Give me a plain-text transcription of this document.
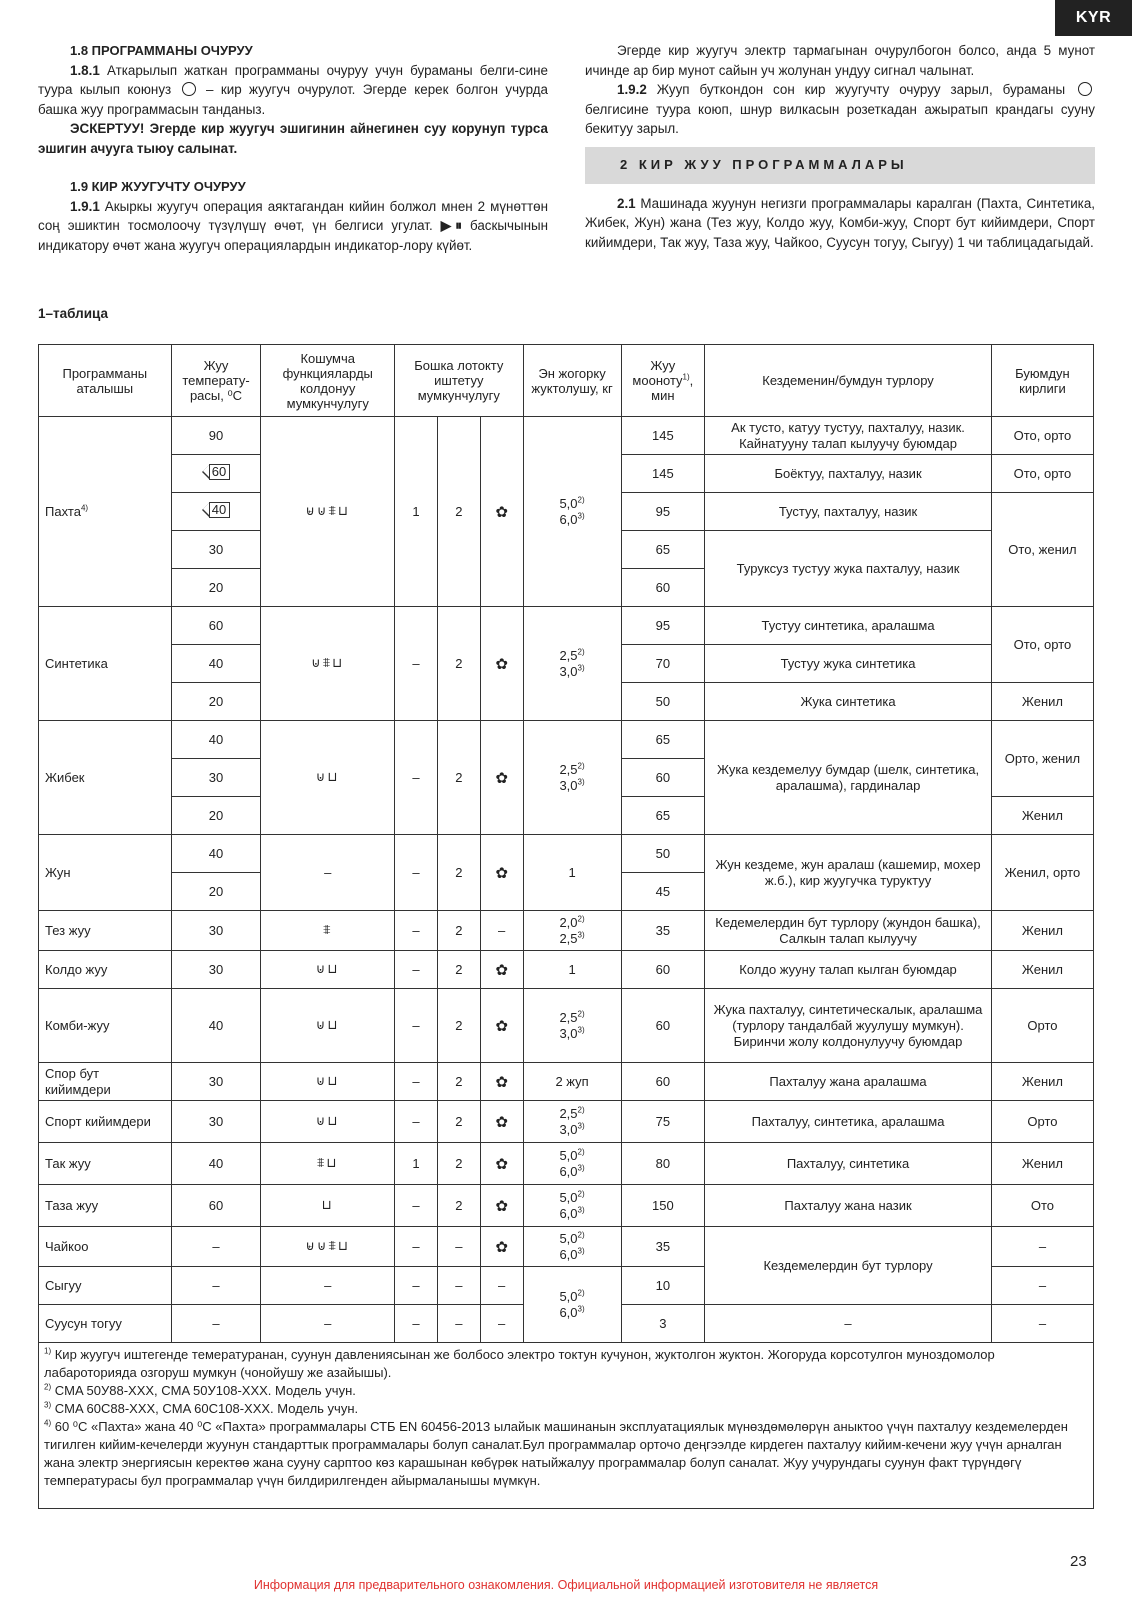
KYR

1.8 ПРОГРАММАНЫ ОЧУРУУ

1.8.1 Аткарылып жаткан программаны очуруу учун бураманы белги-сине туура кылып коюнуз  – кир жуугуч очурулот. Эгерде керек болгон учурда башка жуу программасын танданыз.

ЭСКЕРТУУ! Эгерде кир жуугуч эшигинин айнегинен суу корунуп турса эшигин ачууга тыюу салынат.

1.9 КИР ЖУУГУЧТУ ОЧУРУУ

1.9.1 Акыркы жуугуч операция аяктагандан кийин болжол мнен 2 мүнөттөн соң эшиктин тосмолоочу түзүлүшү өчөт, үн белгиси угулат. ▶⏸ баскычынын индикатору өчөт жана жуугуч операциялардын индикатор-лору күйөт.

Эгерде кир жуугуч электр тармагынан очурулбогон болсо, анда 5 мунот ичинде ар бир мунот сайын уч жолунан ундуу сигнал чалынат.

1.9.2 Жууп буткондон сон кир жуугучту очуруу зарыл, бураманы  белгисине туура коюп, шнур вилкасын розеткадан ажыратып крандагы сууну бекитуу зарыл.

2 КИР ЖУУ ПРОГРАММАЛАРЫ

2.1 Машинада жуунун негизги программалары каралган (Пахта, Синтетика, Жибек, Жун) жана (Тез жуу, Колдо жуу, Комби-жуу, Спорт бут кийимдери, Спорт кийимдери, Так жуу, Таза жуу, Чайкоо, Суусун тогуу, Сыгуу) 1 чи таблицадагыдай.

1–таблица
Программаны аталышы	Жуу температу-расы, ⁰С	Кошумча функцияларды колдонуу мумкунчулугу	Бошка лотокту иштетуу мумкунчулугу			Эн жогорку жуктолушу, кг	Жуу мооноту$^{1)}$, мин	Кездеменин/бумдун турлору	Буюмдун кирлиги
Пахта$^{4)}$	90	⊌⊍⩨⊔	1	2	✿	5,0$^{2)}$
6,0$^{3)}$	145	Ак тусто, катуу тустуу, пахталуу, назик. Кайнатууну талап кылуучу буюмдар	Ото, орто

	60						145	Боёктуу, пахталуу, назик	Ото, орто

	40						95	Тустуу, пахталуу, назик	Ото, женил
	30						65	Туруксуз тустуу жука пахталуу, назик	
	20						60		
Синтетика	60	⊍⩨⊔	–	2	✿	2,5$^{2)}$
3,0$^{3)}$	95	Тустуу синтетика, аралашма	Ото, орто
	40						70	Тустуу жука синтетика	
	20						50	Жука синтетика	Женил
Жибек	40	⊍⊔	–	2	✿	2,5$^{2)}$
3,0$^{3)}$	65	Жука кездемелуу бумдар (шелк, синтетика, аралашма), гардиналар	Орто, женил
	30						60		
	20						65		Женил
Жун	40	–	–	2	✿	1	50	Жун кездеме, жун аралаш (кашемир, мохер ж.б.), кир жуугучка туруктуу	Женил, орто
	20						45		
Тез жуу	30	⩨	–	2	–	2,0$^{2)}$
2,5$^{3)}$	35	Кедемелердин бут турлору (жундон башка), Салкын талап кылуучу	Женил
Колдо жуу	30	⊍⊔	–	2	✿	1	60	Колдо жууну талап кылган буюмдар	Женил
Комби-жуу	40	⊍⊔	–	2	✿	2,5$^{2)}$
3,0$^{3)}$	60	Жука пахталуу, синтетическалык, аралашма (турлору тандалбай жуулушу мумкун). Биринчи жолу колдонулуучу буюмдар	Орто
Спор бут кийимдери	30	⊍⊔	–	2	✿	2 жуп	60	Пахталуу жана аралашма	Женил
Спорт кийимдери	30	⊍⊔	–	2	✿	2,5$^{2)}$
3,0$^{3)}$	75	Пахталуу, синтетика, аралашма	Орто
Так жуу	40	⩨⊔	1	2	✿	5,0$^{2)}$
6,0$^{3)}$	80	Пахталуу, синтетика	Женил
Таза жуу	60	⊔	–	2	✿	5,0$^{2)}$
6,0$^{3)}$	150	Пахталуу жана назик	Ото
Чайкоо	–	⊌⊍⩨⊔	–	–	✿	5,0$^{2)}$
6,0$^{3)}$	35	Кездемелердин бут турлору	–
Сыгуу	–	–	–	–	–	5,0$^{2)}$
6,0$^{3)}$	10		–
Суусун тогуу	–	–	–	–	–		3	–	–
$^{1)}$ Кир жуугуч иштегенде темературанан, суунун давлениясынан же болбосо электро токтун кучунон, жуктолгон жуктон. Жогоруда корсотулгон муноздомолор лабароторияда озгоруш мумкун (чонойушу же азайышы).
$^{2)}$ CMA 50У88-XXX, CMA 50У108-XXX. Модель учун.
$^{3)}$ CMA 60С88-XXX, CMA 60С108-XXX. Модель учун.
$^{4)}$ 60 ⁰С «Пахта» жана 40 ⁰С «Пахта» программалары СТБ EN 60456-2013 ылайык машинанын эксплуатациялык мүнөздөмөлөрүн аныктоо үчүн пахталуу кездемелерден тигилген кийим-кечелерди жуунун стандарттык программалары болуп саналат.Бул программалар орточо деңгээлде кирдеген пахталуу кийим-кечени жуу үчүн арналган жана электр энергиясын керектөө жана сууну сарптоо көз карашынан көбүрөк натыйжалуу программалар болуп саналат. Жуу учурундагы суунун факт түрүндөгү температурасы бул программалар үчүн билдирилгенден айырмаланышы мүмкүн.
23
Информация для предварительного ознакомления. Официальной информацией изготовителя не является
